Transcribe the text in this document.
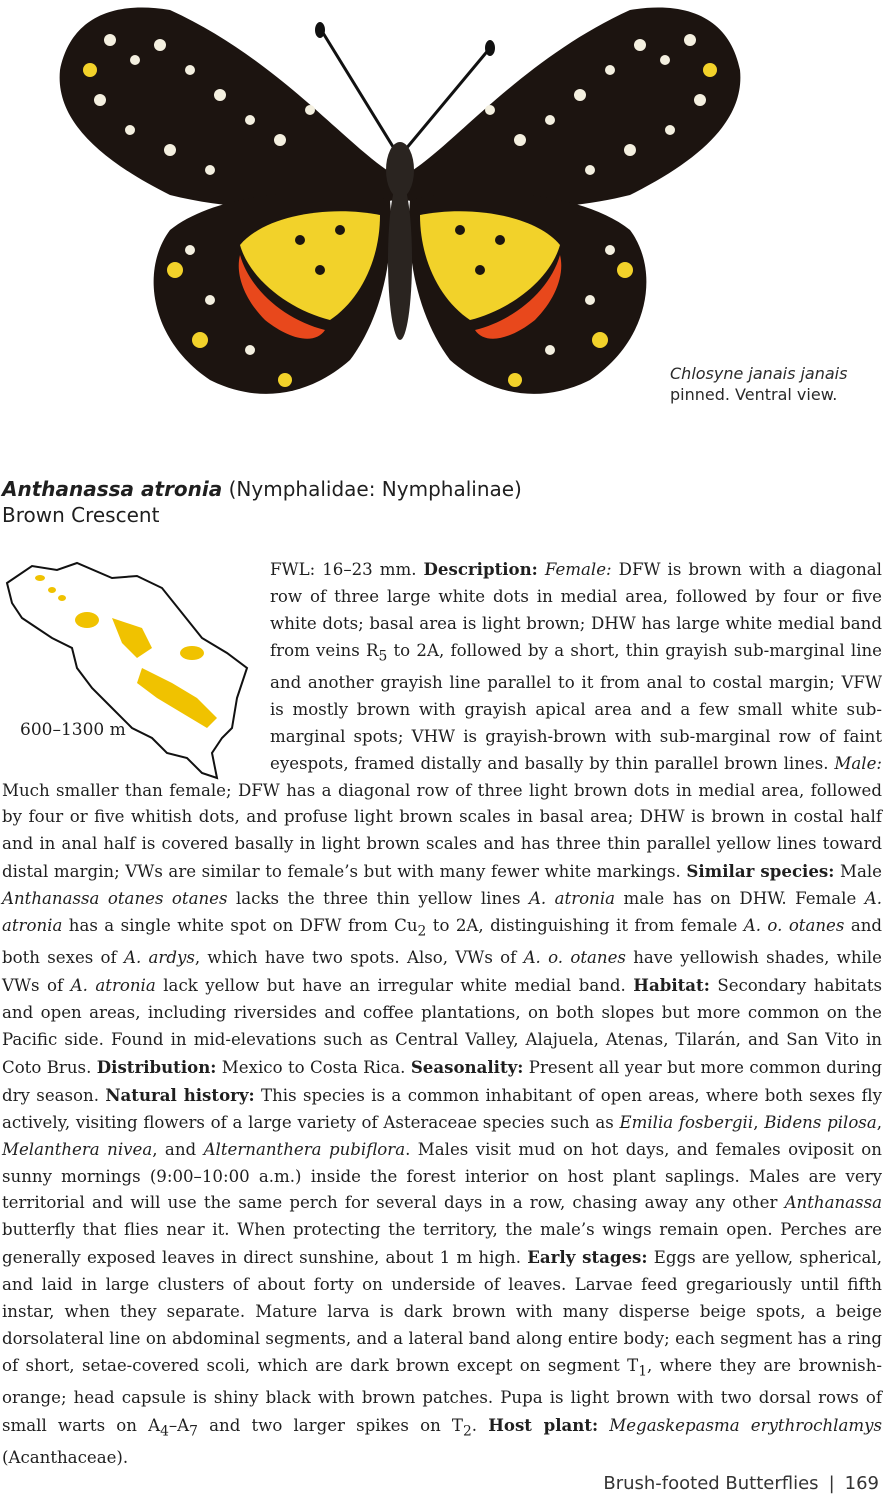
Chlosyne janais janais
pinned. Ventral view.
Anthanassa atronia (Nymphalidae: Nymphalinae)
Brown Crescent
600–1300 m

FWL: 16–23 mm. Description: Female: DFW is brown with a diagonal row of three large white dots in medial area, followed by four or five white dots; basal area is light brown; DHW has large white medial band from veins $R_5$ to 2A, followed by a short, thin grayish sub-marginal line and another grayish line parallel to it from anal to costal margin; VFW is mostly brown with grayish apical area and a few small white sub-marginal spots; VHW is grayish-brown with sub-marginal row of faint eyespots, framed distally and basally by thin parallel brown lines. Male: Much smaller than female; DFW has a diagonal row of three light brown dots in medial area, followed by four or five whitish dots, and profuse light brown scales in basal area; DHW is brown in costal half and in anal half is covered basally in light brown scales and has three thin parallel yellow lines toward distal margin; VWs are similar to female’s but with many fewer white markings. Similar species: Male Anthanassa otanes otanes lacks the three thin yellow lines A. atronia male has on DHW. Female A. atronia has a single white spot on DFW from $Cu_2$ to 2A, distinguishing it from female A. o. otanes and both sexes of A. ardys, which have two spots. Also, VWs of A. o. otanes have yellowish shades, while VWs of A. atronia lack yellow but have an irregular white medial band. Habitat: Secondary habitats and open areas, including riversides and coffee plantations, on both slopes but more common on the Pacific side. Found in mid-elevations such as Central Valley, Alajuela, Atenas, Tilarán, and San Vito in Coto Brus. Distribution: Mexico to Costa Rica. Seasonality: Present all year but more common during dry season. Natural history: This species is a common inhabitant of open areas, where both sexes fly actively, visiting flowers of a large variety of Asteraceae species such as Emilia fosbergii, Bidens pilosa, Melanthera nivea, and Alternanthera pubiflora. Males visit mud on hot days, and females oviposit on sunny mornings (9:00–10:00 a.m.) inside the forest interior on host plant saplings. Males are very territorial and will use the same perch for several days in a row, chasing away any other Anthanassa butterfly that flies near it. When protecting the territory, the male’s wings remain open. Perches are generally exposed leaves in direct sunshine, about 1 m high. Early stages: Eggs are yellow, spherical, and laid in large clusters of about forty on underside of leaves. Larvae feed gregariously until fifth instar, when they separate. Mature larva is dark brown with many disperse beige spots, a beige dorsolateral line on abdominal segments, and a lateral band along entire body; each segment has a ring of short, setae-covered scoli, which are dark brown except on segment $T_1$, where they are brownish-orange; head capsule is shiny black with brown patches. Pupa is light brown with two dorsal rows of small warts on $A_4-A_7$ and two larger spikes on $T_2$. Host plant: Megaskepasma erythrochlamys (Acanthaceae).

Brush-footed Butterflies | 169
